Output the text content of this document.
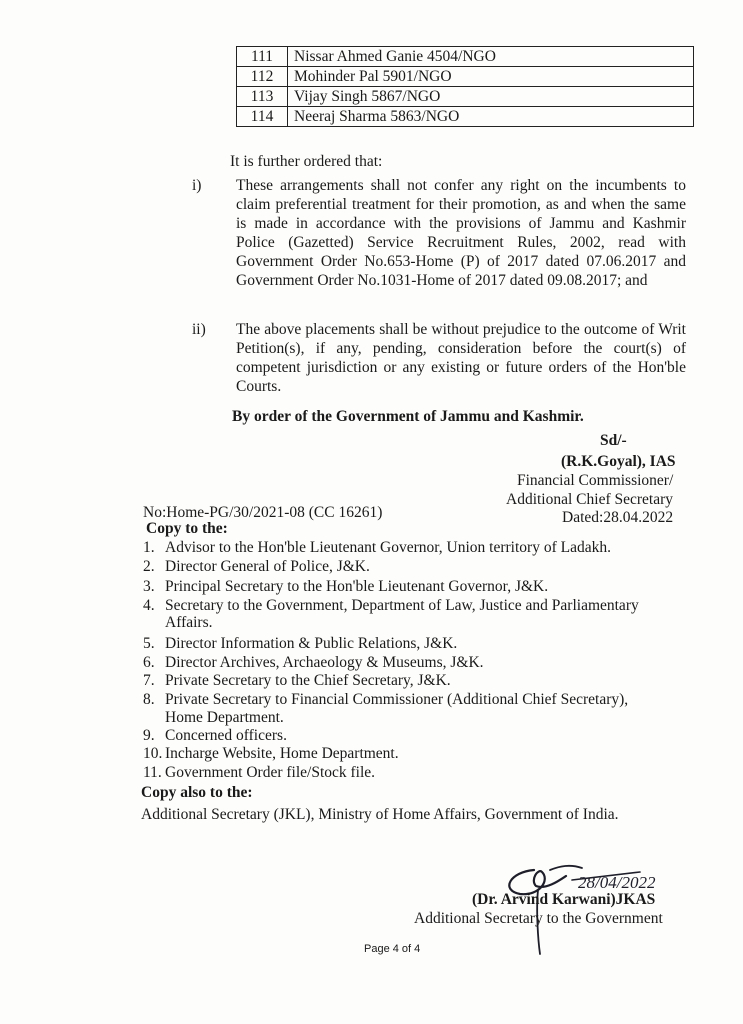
111	Nissar Ahmed Ganie 4504/NGO
112	Mohinder Pal 5901/NGO
113	Vijay Singh 5867/NGO
114	Neeraj Sharma 5863/NGO
It is further ordered that:
i) These arrangements shall not confer any right on the incumbents to claim preferential treatment for their promotion, as and when the same is made in accordance with the provisions of Jammu and Kashmir Police (Gazetted) Service Recruitment Rules, 2002, read with Government Order No.653-Home (P) of 2017 dated 07.06.2017 and Government Order No.1031-Home of 2017 dated 09.08.2017; and
ii) The above placements shall be without prejudice to the outcome of Writ Petition(s), if any, pending, consideration before the court(s) of competent jurisdiction or any existing or future orders of the Hon'ble Courts.
By order of the Government of Jammu and Kashmir.
Sd/-
(R.K.Goyal), IAS
Financial Commissioner/
Additional Chief Secretary
No:Home-PG/30/2021-08 (CC 16261)	Dated:28.04.2022
Copy to the:
1. Advisor to the Hon'ble Lieutenant Governor, Union territory of Ladakh.
2. Director General of Police, J&K.
3. Principal Secretary to the Hon'ble Lieutenant Governor, J&K.
4. Secretary to the Government, Department of Law, Justice and Parliamentary
Affairs.
5. Director Information & Public Relations, J&K.
6. Director Archives, Archaeology & Museums, J&K.
7. Private Secretary to the Chief Secretary, J&K.
8. Private Secretary to Financial Commissioner (Additional Chief Secretary),
Home Department.
9. Concerned officers.
10. Incharge Website, Home Department.
11. Government Order file/Stock file.
Copy also to the:
Additional Secretary (JKL), Ministry of Home Affairs, Government of India.
28/04/2022
(Dr. Arvind Karwani)JKAS
Additional Secretary to the Government
Page 4 of 4
